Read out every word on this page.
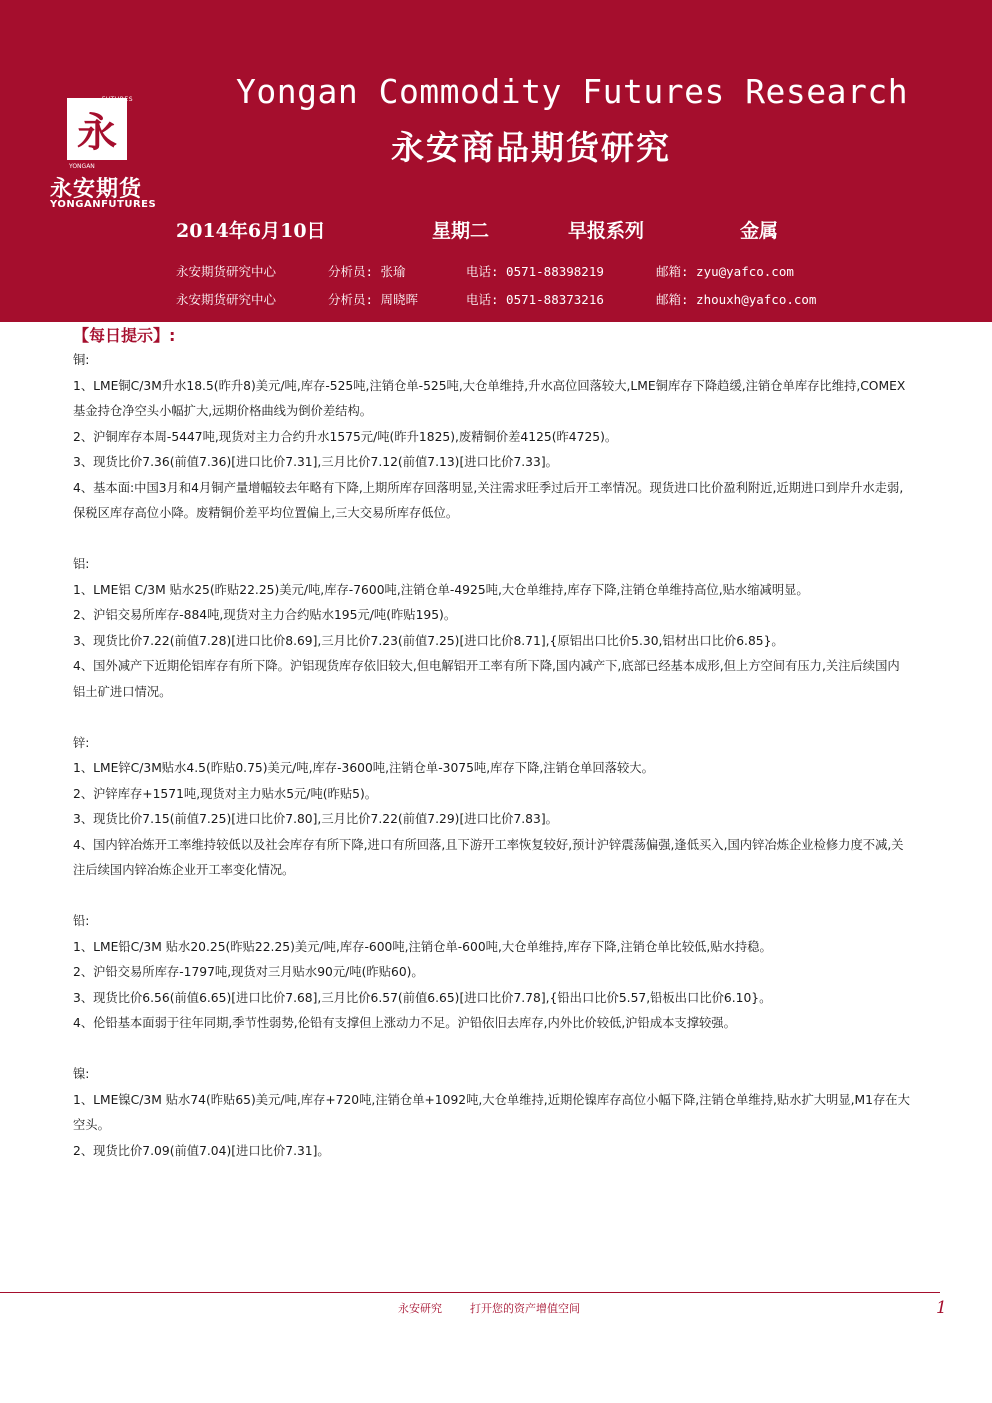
永
FUTURES
YONGAN
永安期货
YONGANFUTURES
Yongan Commodity Futures Research
永安商品期货研究
2014年6月10日	星期二	早报系列	金属
永安期货研究中心	分析员: 张瑜	电话: 0571-88398219	邮箱: zyu@yafco.com
永安期货研究中心	分析员: 周晓晖	电话: 0571-88373216	邮箱: zhouxh@yafco.com
【每日提示】:

铜:

1、LME铜C/3M升水18.5(昨升8)美元/吨,库存-525吨,注销仓单-525吨,大仓单维持,升水高位回落较大,LME铜库存下降趋缓,注销仓单库存比维持,COMEX基金持仓净空头小幅扩大,远期价格曲线为倒价差结构。

2、沪铜库存本周-5447吨,现货对主力合约升水1575元/吨(昨升1825),废精铜价差4125(昨4725)。

3、现货比价7.36(前值7.36)[进口比价7.31],三月比价7.12(前值7.13)[进口比价7.33]。

4、基本面:中国3月和4月铜产量增幅较去年略有下降,上期所库存回落明显,关注需求旺季过后开工率情况。现货进口比价盈利附近,近期进口到岸升水走弱,保税区库存高位小降。废精铜价差平均位置偏上,三大交易所库存低位。

铝:

1、LME铝 C/3M 贴水25(昨贴22.25)美元/吨,库存-7600吨,注销仓单-4925吨,大仓单维持,库存下降,注销仓单维持高位,贴水缩减明显。

2、沪铝交易所库存-884吨,现货对主力合约贴水195元/吨(昨贴195)。

3、现货比价7.22(前值7.28)[进口比价8.69],三月比价7.23(前值7.25)[进口比价8.71],{原铝出口比价5.30,铝材出口比价6.85}。

4、国外减产下近期伦铝库存有所下降。沪铝现货库存依旧较大,但电解铝开工率有所下降,国内减产下,底部已经基本成形,但上方空间有压力,关注后续国内铝土矿进口情况。

锌:

1、LME锌C/3M贴水4.5(昨贴0.75)美元/吨,库存-3600吨,注销仓单-3075吨,库存下降,注销仓单回落较大。

2、沪锌库存+1571吨,现货对主力贴水5元/吨(昨贴5)。

3、现货比价7.15(前值7.25)[进口比价7.80],三月比价7.22(前值7.29)[进口比价7.83]。

4、国内锌冶炼开工率维持较低以及社会库存有所下降,进口有所回落,且下游开工率恢复较好,预计沪锌震荡偏强,逢低买入,国内锌冶炼企业检修力度不减,关注后续国内锌冶炼企业开工率变化情况。

铅:

1、LME铅C/3M 贴水20.25(昨贴22.25)美元/吨,库存-600吨,注销仓单-600吨,大仓单维持,库存下降,注销仓单比较低,贴水持稳。

2、沪铅交易所库存-1797吨,现货对三月贴水90元/吨(昨贴60)。

3、现货比价6.56(前值6.65)[进口比价7.68],三月比价6.57(前值6.65)[进口比价7.78],{铅出口比价5.57,铅板出口比价6.10}。

4、伦铅基本面弱于往年同期,季节性弱势,伦铅有支撑但上涨动力不足。沪铅依旧去库存,内外比价较低,沪铅成本支撑较强。

镍:

1、LME镍C/3M 贴水74(昨贴65)美元/吨,库存+720吨,注销仓单+1092吨,大仓单维持,近期伦镍库存高位小幅下降,注销仓单维持,贴水扩大明显,M1存在大空头。

2、现货比价7.09(前值7.04)[进口比价7.31]。

永安研究	打开您的资产增值空间	1
